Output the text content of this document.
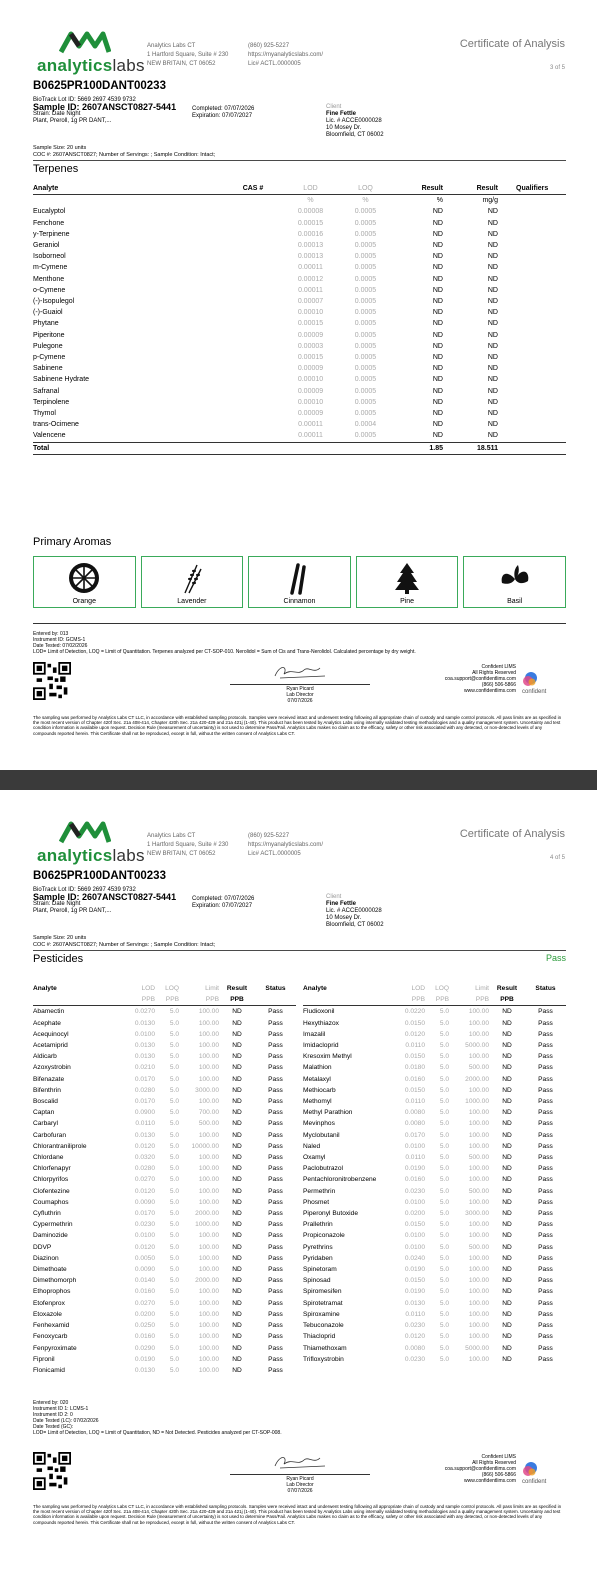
analyticslabs
Analytics Labs CT
1 Hartford Square, Suite # 230
NEW BRITAIN, CT 06052
(860) 925-5227
https://myanalyticslabs.com/
Lic# ACTL.0000005
Certificate of Analysis
3 of 5
B0625PR100DANT00233
BioTrack Lot ID: 5669 2697 4539 9732
Sample ID: 2607ANSCT0827-5441
Strain: Date Night
Plant, Preroll, 1g PR DANT,...
Completed: 07/07/2026
Expiration: 07/07/2027
Client
Fine Fettle
Lic. # ACCE0000028
10 Mosey Dr.
Bloomfield, CT 06002
Sample Size: 20 units
COC #: 2607ANSCT0827; Number of Servings: ; Sample Condition: Intact;
Terpenes
Analyte	CAS #	LOD	LOQ	Result	Result	Qualifiers
		%	%	%	mg/g	
Eucalyptol		0.00008	0.0005	ND	ND	
Fenchone		0.00015	0.0005	ND	ND	
y-Terpinene		0.00016	0.0005	ND	ND	
Geraniol		0.00013	0.0005	ND	ND	
Isoborneol		0.00013	0.0005	ND	ND	
m-Cymene		0.00011	0.0005	ND	ND	
Menthone		0.00012	0.0005	ND	ND	
o-Cymene		0.00011	0.0005	ND	ND	
(-)-Isopulegol		0.00007	0.0005	ND	ND	
(-)-Guaiol		0.00010	0.0005	ND	ND	
Phytane		0.00015	0.0005	ND	ND	
Piperitone		0.00009	0.0005	ND	ND	
Pulegone		0.00003	0.0005	ND	ND	
p-Cymene		0.00015	0.0005	ND	ND	
Sabinene		0.00009	0.0005	ND	ND	
Sabinene Hydrate		0.00010	0.0005	ND	ND	
Safranal		0.00009	0.0005	ND	ND	
Terpinolene		0.00010	0.0005	ND	ND	
Thymol		0.00009	0.0005	ND	ND	
trans-Ocimene		0.00011	0.0004	ND	ND	
Valencene		0.00011	0.0005	ND	ND	
Total				1.85	18.511	
Primary Aromas
Orange	Lavender	Cinnamon	Pine	Basil
Entered by: 013
Instrument ID: GCMS-1
Date Tested: 07/02/2026
LOD= Limit of Detection, LOQ = Limit of Quantitation. Terpenes analyzed per CT-SOP-010. Nerolidol = Sum of Cis and Trans-Nerolidol. Calculated percentage by dry weight.
Ryan Picard
Lab Director
07/07/2026
Confident LIMS
All Rights Reserved
coa.support@confidentlims.com
(866) 506-5866
www.confidentlims.com confident
The sampling was performed by Analytics Labs CT LLC, in accordance with established sampling protocols. Samples were received intact and underwent testing following all appropriate chain of custody and sample control protocols. All pass limits are as specified in the most recent version of Chapter 420f Sec. 21a 408-414, Chapter 420h Sec. 21a 420-429 and 21a 421j (1-40). This product has been tested by Analytics Labs using internally validated testing methodologies and a quality management system. Uncertainty and test condition information is available upon request. Decision Rule (measurement of uncertainty) is not used to determine Pass/Fail. Analytics Labs makes no claim as to the efficacy, safety or other risk associated with any detected, or non-detected levels of any compounds reported herein. This Certificate shall not be reproduced, except in full, without the written consent of Analytics Labs CT.
analyticslabs
Analytics Labs CT
1 Hartford Square, Suite # 230
NEW BRITAIN, CT 06052
(860) 925-5227
https://myanalyticslabs.com/
Lic# ACTL.0000005
Certificate of Analysis
4 of 5
B0625PR100DANT00233
BioTrack Lot ID: 5669 2697 4539 9732
Sample ID: 2607ANSCT0827-5441
Strain: Date Night
Plant, Preroll, 1g PR DANT,...
Completed: 07/07/2026
Expiration: 07/07/2027
Client
Fine Fettle
Lic. # ACCE0000028
10 Mosey Dr.
Bloomfield, CT 06002
Sample Size: 20 units
COC #: 2607ANSCT0827; Number of Servings: ; Sample Condition: Intact;
Pesticides	Pass
Analyte	LOD	LOQ	Limit	Result	Status
	PPB	PPB	PPB	PPB	
Abamectin	0.0270	5.0	100.00	ND	Pass
Acephate	0.0130	5.0	100.00	ND	Pass
Acequinocyl	0.0100	5.0	100.00	ND	Pass
Acetamiprid	0.0130	5.0	100.00	ND	Pass
Aldicarb	0.0130	5.0	100.00	ND	Pass
Azoxystrobin	0.0210	5.0	100.00	ND	Pass
Bifenazate	0.0170	5.0	100.00	ND	Pass
Bifenthrin	0.0280	5.0	3000.00	ND	Pass
Boscalid	0.0170	5.0	100.00	ND	Pass
Captan	0.0900	5.0	700.00	ND	Pass
Carbaryl	0.0110	5.0	500.00	ND	Pass
Carbofuran	0.0130	5.0	100.00	ND	Pass
Chlorantraniliprole	0.0120	5.0	10000.00	ND	Pass
Chlordane	0.0320	5.0	100.00	ND	Pass
Chlorfenapyr	0.0280	5.0	100.00	ND	Pass
Chlorpyrifos	0.0270	5.0	100.00	ND	Pass
Clofentezine	0.0120	5.0	100.00	ND	Pass
Coumaphos	0.0090	5.0	100.00	ND	Pass
Cyfluthrin	0.0170	5.0	2000.00	ND	Pass
Cypermethrin	0.0230	5.0	1000.00	ND	Pass
Daminozide	0.0100	5.0	100.00	ND	Pass
DDVP	0.0120	5.0	100.00	ND	Pass
Diazinon	0.0050	5.0	100.00	ND	Pass
Dimethoate	0.0090	5.0	100.00	ND	Pass
Dimethomorph	0.0140	5.0	2000.00	ND	Pass
Ethoprophos	0.0160	5.0	100.00	ND	Pass
Etofenprox	0.0270	5.0	100.00	ND	Pass
Etoxazole	0.0200	5.0	100.00	ND	Pass
Fenhexamid	0.0250	5.0	100.00	ND	Pass
Fenoxycarb	0.0160	5.0	100.00	ND	Pass
Fenpyroximate	0.0290	5.0	100.00	ND	Pass
Fipronil	0.0190	5.0	100.00	ND	Pass
Flonicamid	0.0130	5.0	100.00	ND	Pass
Analyte	LOD	LOQ	Limit	Result	Status
	PPB	PPB	PPB	PPB	
Fludioxonil	0.0220	5.0	100.00	ND	Pass
Hexythiazox	0.0150	5.0	100.00	ND	Pass
Imazalil	0.0120	5.0	100.00	ND	Pass
Imidacloprid	0.0110	5.0	5000.00	ND	Pass
Kresoxim Methyl	0.0150	5.0	100.00	ND	Pass
Malathion	0.0180	5.0	500.00	ND	Pass
Metalaxyl	0.0160	5.0	2000.00	ND	Pass
Methiocarb	0.0150	5.0	100.00	ND	Pass
Methomyl	0.0110	5.0	1000.00	ND	Pass
Methyl Parathion	0.0080	5.0	100.00	ND	Pass
Mevinphos	0.0080	5.0	100.00	ND	Pass
Myclobutanil	0.0170	5.0	100.00	ND	Pass
Naled	0.0100	5.0	100.00	ND	Pass
Oxamyl	0.0110	5.0	500.00	ND	Pass
Paclobutrazol	0.0190	5.0	100.00	ND	Pass
Pentachloronitrobenzene	0.0160	5.0	100.00	ND	Pass
Permethrin	0.0230	5.0	500.00	ND	Pass
Phosmet	0.0100	5.0	100.00	ND	Pass
Piperonyl Butoxide	0.0200	5.0	3000.00	ND	Pass
Prallethrin	0.0150	5.0	100.00	ND	Pass
Propiconazole	0.0100	5.0	100.00	ND	Pass
Pyrethrins	0.0100	5.0	500.00	ND	Pass
Pyridaben	0.0240	5.0	100.00	ND	Pass
Spinetoram	0.0190	5.0	100.00	ND	Pass
Spinosad	0.0150	5.0	100.00	ND	Pass
Spiromesifen	0.0190	5.0	100.00	ND	Pass
Spirotetramat	0.0130	5.0	100.00	ND	Pass
Spiroxamine	0.0110	5.0	100.00	ND	Pass
Tebuconazole	0.0230	5.0	100.00	ND	Pass
Thiacloprid	0.0120	5.0	100.00	ND	Pass
Thiamethoxam	0.0080	5.0	5000.00	ND	Pass
Trifloxystrobin	0.0230	5.0	100.00	ND	Pass
Entered by: 020
Instrument ID 1: LCMS-1
Instrument ID 2: 0
Date Tested (LC): 07/02/2026
Date Tested (GC):
LOD= Limit of Detection, LOQ = Limit of Quantitation, ND = Not Detected. Pesticides analyzed per CT-SOP-008.
Ryan Picard
Lab Director
07/07/2026
Confident LIMS
All Rights Reserved
coa.support@confidentlims.com
(866) 506-5866
www.confidentlims.com confident
The sampling was performed by Analytics Labs CT LLC, in accordance with established sampling protocols. Samples were received intact and underwent testing following all appropriate chain of custody and sample control protocols. All pass limits are as specified in the most recent version of Chapter 420f Sec. 21a 408-414, Chapter 420h Sec. 21a 420-429 and 21a 421j (1-40). This product has been tested by Analytics Labs using internally validated testing methodologies and a quality management system. Uncertainty and test condition information is available upon request. Decision Rule (measurement of uncertainty) is not used to determine Pass/Fail. Analytics Labs makes no claim as to the efficacy, safety or other risk associated with any detected, or non-detected levels of any compounds reported herein. This Certificate shall not be reproduced, except in full, without the written consent of Analytics Labs CT.
